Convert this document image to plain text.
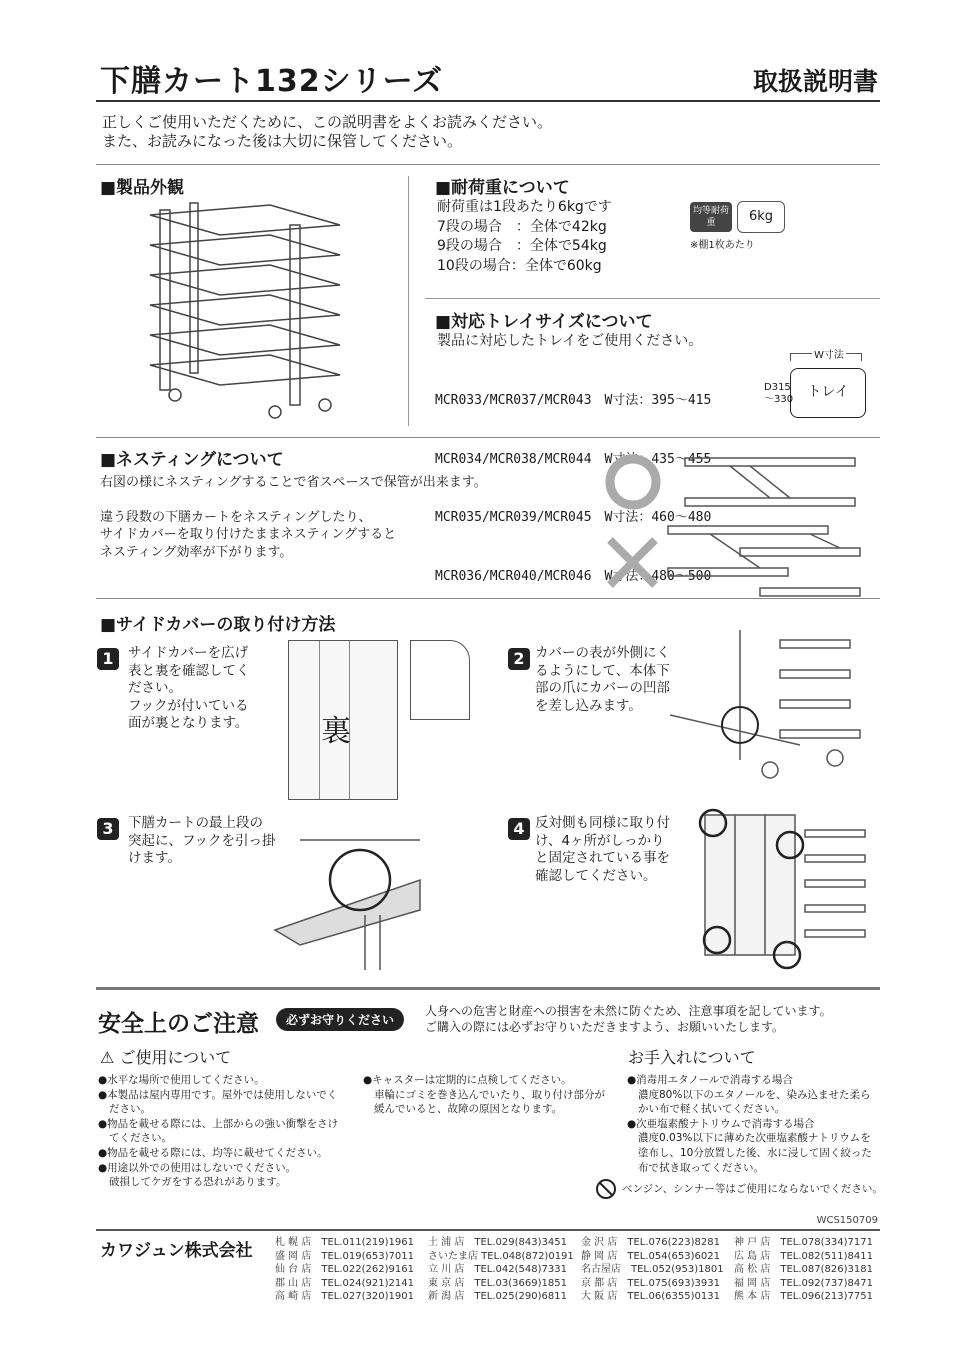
下膳カート132シリーズ	取扱説明書
正しくご使用いただくために、この説明書をよくお読みください。
また、お読みになった後は大切に保管してください。
■製品外観	■耐荷重について
耐荷重は1段あたり6kgです
7段の場合　：全体で42kg
9段の場合　：全体で54kg
10段の場合：全体で60kg
均等耐荷重	6kg
※棚1枚あたり
■対応トレイサイズについて
製品に対応したトレイをご使用ください。

MCR033/MCR037/MCR043　W寸法：395～415

MCR034/MCR038/MCR044　W寸法：435～455

MCR035/MCR039/MCR045　W寸法：460～480

MCR036/MCR040/MCR046　W寸法：480～500

W寸法
トレイ
D315
～330
■ネスティングについて
右図の様にネスティングすることで省スペースで保管が出来ます。
違う段数の下膳カートをネスティングしたり、
サイドカバーを取り付けたままネスティングすると
ネスティング効率が下がります。
■サイドカバーの取り付け方法
1	サイドカバーを広げ
表と裏を確認してく
ださい。
フックが付いている
面が裏となります。 裏
2 カバーの表が外側にく
るようにして、本体下
部の爪にカバーの凹部
を差し込みます。
3	下膳カートの最上段の
突起に、フックを引っ掛
けます。
4 反対側も同様に取り付
け、4ヶ所がしっかり
と固定されている事を
確認してください。
安全上のご注意	必ずお守りください
人身への危害と財産への損害を未然に防ぐため、注意事項を記しています。
ご購入の際には必ずお守りいただきますよう、お願いいたします。
⚠ ご使用について
●水平な場所で使用してください。
●本製品は屋内専用です。屋外では使用しないでください。
●物品を載せる際には、上部からの強い衝撃をさけてください。
●物品を載せる際には、均等に載せてください。
●用途以外での使用はしないでください。
破損してケガをする恐れがあります。
●キャスターは定期的に点検してください。
車輪にゴミを巻き込んでいたり、取り付け部分が緩んでいると、故障の原因となります。
お手入れについて
●消毒用エタノールで消毒する場合
濃度80%以下のエタノールを、染み込ませた柔らかい布で軽く拭いてください。
●次亜塩素酸ナトリウムで消毒する場合
濃度0.03%以下に薄めた次亜塩素酸ナトリウムを塗布し、10分放置した後、水に浸して固く絞った布で拭き取ってください。
ベンジン、シンナー等はご使用にならないでください。
WCS150709
カワジュン株式会社 札 幌 店　TEL.011(219)1961	土 浦 店　TEL.029(843)3451	金 沢 店　TEL.076(223)8281	神 戸 店　TEL.078(334)7171
盛 岡 店　TEL.019(653)7011	さいたま店 TEL.048(872)0191 静 岡 店　TEL.054(653)6021	広 島 店　TEL.082(511)8411
仙 台 店　TEL.022(262)9161	立 川 店　TEL.042(548)7331	名古屋店　TEL.052(953)1801	高 松 店　TEL.087(826)3181
郡 山 店　TEL.024(921)2141	東 京 店　TEL.03(3669)1851	京 都 店　TEL.075(693)3931	福 岡 店　TEL.092(737)8471
高 崎 店　TEL.027(320)1901	新 潟 店　TEL.025(290)6811	大 阪 店　TEL.06(6355)0131	熊 本 店　TEL.096(213)7751
